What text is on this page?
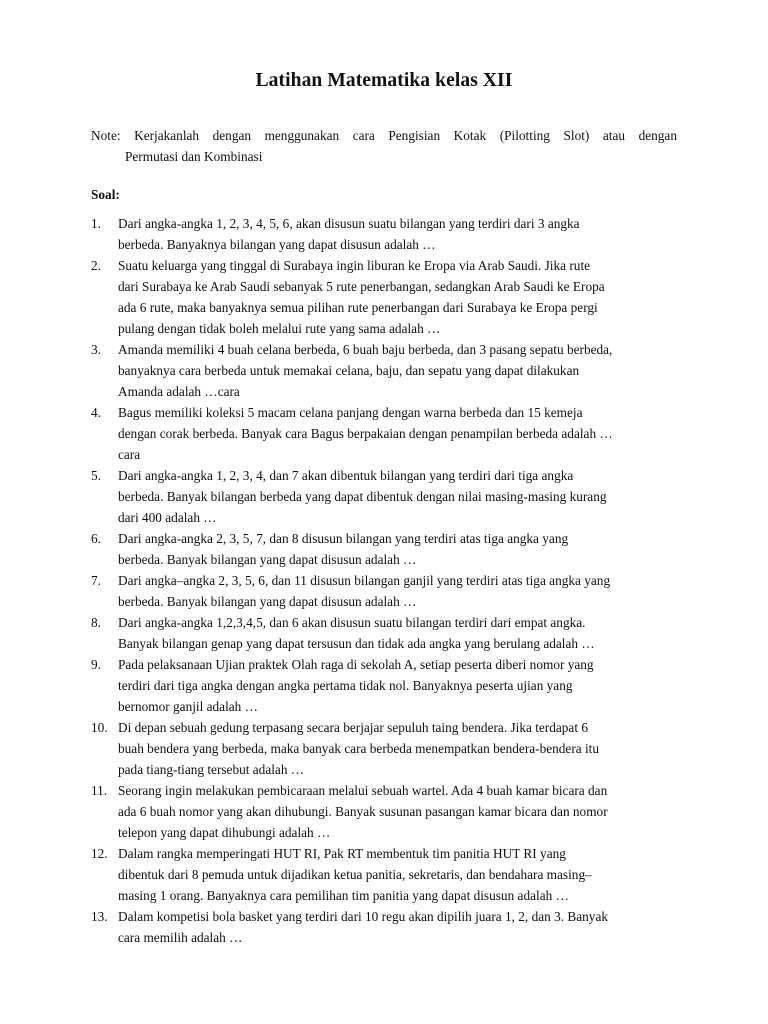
Latihan Matematika kelas XII
Note: Kerjakanlah dengan menggunakan cara Pengisian Kotak (Pilotting Slot) atau dengan
Permutasi dan Kombinasi
Soal:
1. Dari angka-angka 1, 2, 3, 4, 5, 6, akan disusun suatu bilangan yang terdiri dari 3 angka
berbeda. Banyaknya bilangan yang dapat disusun adalah …
2. Suatu keluarga yang tinggal di Surabaya ingin liburan ke Eropa via Arab Saudi. Jika rute
dari Surabaya ke Arab Saudi sebanyak 5 rute penerbangan, sedangkan Arab Saudi ke Eropa
ada 6 rute, maka banyaknya semua pilihan rute penerbangan dari Surabaya ke Eropa pergi
pulang dengan tidak boleh melalui rute yang sama adalah …
3. Amanda memiliki 4 buah celana berbeda, 6 buah baju berbeda, dan 3 pasang sepatu berbeda,
banyaknya cara berbeda untuk memakai celana, baju, dan sepatu yang dapat dilakukan
Amanda adalah …cara
4. Bagus memiliki koleksi 5 macam celana panjang dengan warna berbeda dan 15 kemeja
dengan corak berbeda. Banyak cara Bagus berpakaian dengan penampilan berbeda adalah …
cara
5. Dari angka-angka 1, 2, 3, 4, dan 7 akan dibentuk bilangan yang terdiri dari tiga angka
berbeda. Banyak bilangan berbeda yang dapat dibentuk dengan nilai masing-masing kurang
dari 400 adalah …
6. Dari angka-angka 2, 3, 5, 7, dan 8 disusun bilangan yang terdiri atas tiga angka yang
berbeda. Banyak bilangan yang dapat disusun adalah …
7. Dari angka–angka 2, 3, 5, 6, dan 11 disusun bilangan ganjil yang terdiri atas tiga angka yang
berbeda. Banyak bilangan yang dapat disusun adalah …
8. Dari angka-angka 1,2,3,4,5, dan 6 akan disusun suatu bilangan terdiri dari empat angka.
Banyak bilangan genap yang dapat tersusun dan tidak ada angka yang berulang adalah …
9. Pada pelaksanaan Ujian praktek Olah raga di sekolah A, setiap peserta diberi nomor yang
terdiri dari tiga angka dengan angka pertama tidak nol. Banyaknya peserta ujian yang
bernomor ganjil adalah …
10. Di depan sebuah gedung terpasang secara berjajar sepuluh taing bendera. Jika terdapat 6
buah bendera yang berbeda, maka banyak cara berbeda menempatkan bendera-bendera itu
pada tiang-tiang tersebut adalah …
11. Seorang ingin melakukan pembicaraan melalui sebuah wartel. Ada 4 buah kamar bicara dan
ada 6 buah nomor yang akan dihubungi. Banyak susunan pasangan kamar bicara dan nomor
telepon yang dapat dihubungi adalah …
12. Dalam rangka memperingati HUT RI, Pak RT membentuk tim panitia HUT RI yang
dibentuk dari 8 pemuda untuk dijadikan ketua panitia, sekretaris, dan bendahara masing–
masing 1 orang. Banyaknya cara pemilihan tim panitia yang dapat disusun adalah …
13. Dalam kompetisi bola basket yang terdiri dari 10 regu akan dipilih juara 1, 2, dan 3. Banyak
cara memilih adalah …
